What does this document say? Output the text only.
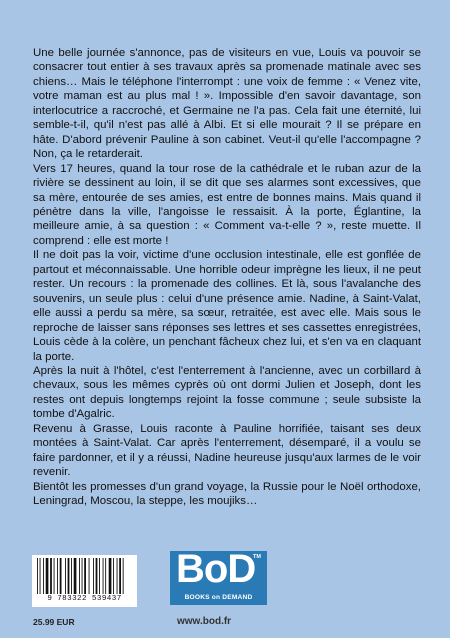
Une belle journée s'annonce, pas de visiteurs en vue, Louis va pouvoir se consacrer tout entier à ses travaux après sa promenade matinale avec ses chiens… Mais le téléphone l'interrompt : une voix de femme : « Venez vite, votre maman est au plus mal ! ». Impossible d'en savoir davantage, son interlocutrice a raccroché, et Germaine ne l'a pas. Cela fait une éternité, lui semble-t-il, qu'il n'est pas allé à Albi. Et si elle mourait ? Il se prépare en hâte. D'abord prévenir Pauline à son cabinet. Veut-il qu'elle l'accompagne ? Non, ça le retarderait.

Vers 17 heures, quand la tour rose de la cathédrale et le ruban azur de la rivière se dessinent au loin, il se dit que ses alarmes sont excessives, que sa mère, entourée de ses amies, est entre de bonnes mains. Mais quand il pénètre dans la ville, l'angoisse le ressaisit. À la porte, Églantine, la meilleure amie, à sa question : « Comment va-t-elle ? », reste muette. Il comprend : elle est morte !

Il ne doit pas la voir, victime d'une occlusion intestinale, elle est gonflée de partout et méconnaissable. Une horrible odeur imprègne les lieux, il ne peut rester. Un recours : la promenade des collines. Et là, sous l'avalanche des souvenirs, un seule plus : celui d'une présence amie. Nadine, à Saint-Valat, elle aussi a perdu sa mère, sa sœur, retraitée, est avec elle. Mais sous le reproche de laisser sans réponses ses lettres et ses cassettes enregistrées, Louis cède à la colère, un penchant fâcheux chez lui, et s'en va en claquant la porte.

Après la nuit à l'hôtel, c'est l'enterrement à l'ancienne, avec un corbillard à chevaux, sous les mêmes cyprès où ont dormi Julien et Joseph, dont les restes ont depuis longtemps rejoint la fosse commune ; seule subsiste la tombe d'Agalric.

Revenu à Grasse, Louis raconte à Pauline horrifiée, taisant ses deux montées à Saint-Valat. Car après l'enterrement, désemparé, il a voulu se faire pardonner, et il y a réussi, Nadine heureuse jusqu'aux larmes de le voir revenir.

Bientôt les promesses d'un grand voyage, la Russie pour le Noël orthodoxe, Leningrad, Moscou, la steppe, les moujiks…

9 783322 539437
25.99 EUR
BoD
TM
BOOKS on DEMAND
www.bod.fr
